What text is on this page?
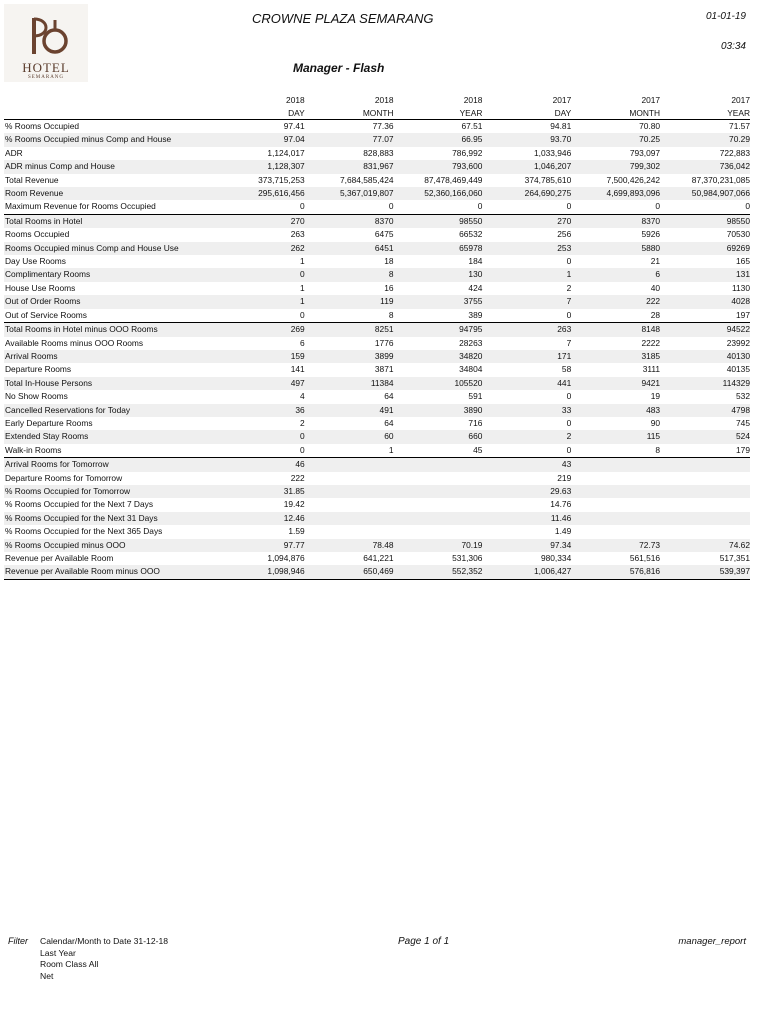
HOTEL
SEMARANG
CROWNE PLAZA SEMARANG
Manager - Flash
01-01-19
03:34
	2018	2018	2018	2017	2017	2017
	DAY	MONTH	YEAR	DAY	MONTH	YEAR
% Rooms Occupied	97.41	77.36	67.51	94.81	70.80	71.57
% Rooms Occupied minus Comp and House	97.04	77.07	66.95	93.70	70.25	70.29
ADR	1,124,017	828,883	786,992	1,033,946	793,097	722,883
ADR minus Comp and House	1,128,307	831,967	793,600	1,046,207	799,302	736,042
Total Revenue	373,715,253	7,684,585,424	87,478,469,449	374,785,610	7,500,426,242	87,370,231,085
Room Revenue	295,616,456	5,367,019,807	52,360,166,060	264,690,275	4,699,893,096	50,984,907,066
Maximum Revenue for Rooms Occupied	0	0	0	0	0	0
Total Rooms in Hotel	270	8370	98550	270	8370	98550
Rooms Occupied	263	6475	66532	256	5926	70530
Rooms Occupied minus Comp and House Use	262	6451	65978	253	5880	69269
Day Use Rooms	1	18	184	0	21	165
Complimentary Rooms	0	8	130	1	6	131
House Use Rooms	1	16	424	2	40	1130
Out of Order Rooms	1	119	3755	7	222	4028
Out of Service Rooms	0	8	389	0	28	197
Total Rooms in Hotel minus OOO Rooms	269	8251	94795	263	8148	94522
Available Rooms minus OOO Rooms	6	1776	28263	7	2222	23992
Arrival Rooms	159	3899	34820	171	3185	40130
Departure Rooms	141	3871	34804	58	3111	40135
Total In-House Persons	497	11384	105520	441	9421	114329
No Show Rooms	4	64	591	0	19	532
Cancelled Reservations for Today	36	491	3890	33	483	4798
Early Departure Rooms	2	64	716	0	90	745
Extended Stay Rooms	0	60	660	2	115	524
Walk-in Rooms	0	1	45	0	8	179
Arrival Rooms for Tomorrow	46			43		
Departure Rooms for Tomorrow	222			219		
% Rooms Occupied for Tomorrow	31.85			29.63		
% Rooms Occupied for the Next 7 Days	19.42			14.76		
% Rooms Occupied for the Next 31 Days	12.46			11.46		
% Rooms Occupied for the Next 365 Days	1.59			1.49		
% Rooms Occupied minus OOO	97.77	78.48	70.19	97.34	72.73	74.62
Revenue per Available Room	1,094,876	641,221	531,306	980,334	561,516	517,351
Revenue per Available Room minus OOO	1,098,946	650,469	552,352	1,006,427	576,816	539,397
Filter Calendar/Month to Date 31-12-18
Last Year
Room Class All
Net
Page 1 of 1	manager_report
